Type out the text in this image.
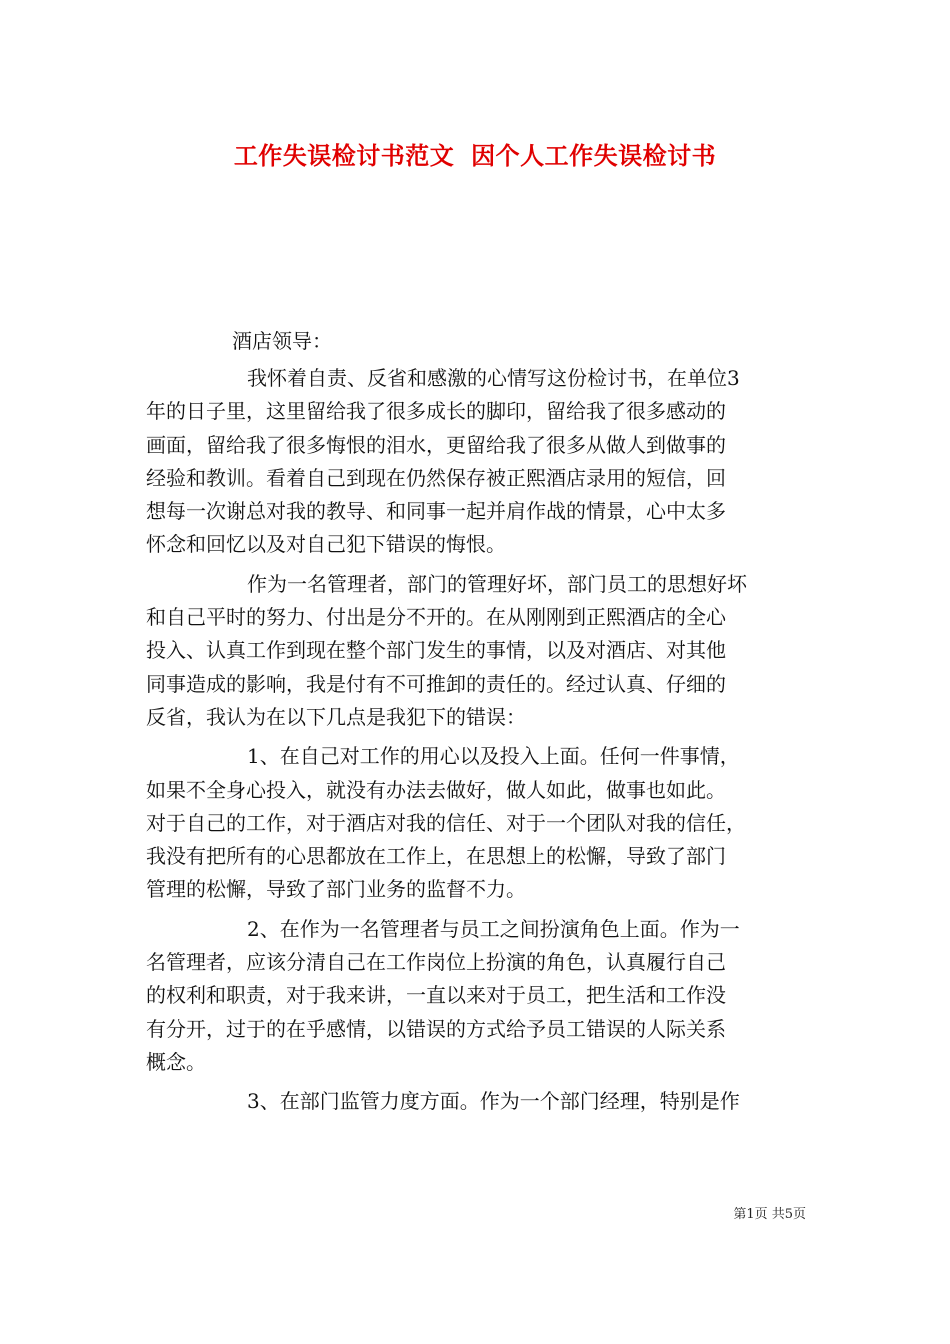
工作失误检讨书范文 因个人工作失误检讨书
酒店领导：
我怀着自责、反省和感激的心情写这份检讨书，在单位3
年的日子里，这里留给我了很多成长的脚印，留给我了很多感动的
画面，留给我了很多悔恨的泪水，更留给我了很多从做人到做事的
经验和教训。看着自己到现在仍然保存被正熙酒店录用的短信，回
想每一次谢总对我的教导、和同事一起并肩作战的情景，心中太多
怀念和回忆以及对自己犯下错误的悔恨。
作为一名管理者，部门的管理好坏，部门员工的思想好坏
和自己平时的努力、付出是分不开的。在从刚刚到正熙酒店的全心
投入、认真工作到现在整个部门发生的事情，以及对酒店、对其他
同事造成的影响，我是付有不可推卸的责任的。经过认真、仔细的
反省，我认为在以下几点是我犯下的错误：
1、在自己对工作的用心以及投入上面。任何一件事情，
如果不全身心投入，就没有办法去做好，做人如此，做事也如此。
对于自己的工作，对于酒店对我的信任、对于一个团队对我的信任，
我没有把所有的心思都放在工作上，在思想上的松懈，导致了部门
管理的松懈，导致了部门业务的监督不力。
2、在作为一名管理者与员工之间扮演角色上面。作为一
名管理者，应该分清自己在工作岗位上扮演的角色，认真履行自己
的权利和职责，对于我来讲，一直以来对于员工，把生活和工作没
有分开，过于的在乎感情，以错误的方式给予员工错误的人际关系
概念。
3、在部门监管力度方面。作为一个部门经理，特别是作
第1页 共5页
